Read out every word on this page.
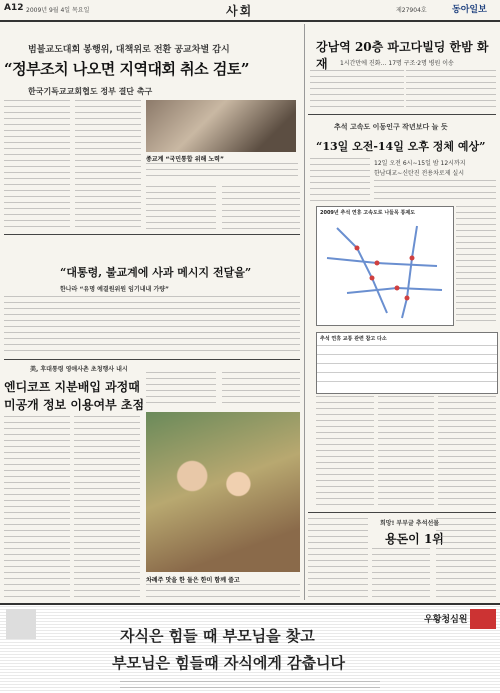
A12 2009년 9월 4일 목요일	사회	제27904호	동아일보
범불교도대회 봉행위, 대책위로 전환 공교차별 감시
“정부조치 나오면 지역대회 취소 검토”
한국기독교교회협도 정부 결단 촉구
종교계 “국민통합 위해 노력”
“대통령, 불교계에 사과 메시지 전달을”
한나라 “유명 예결원위원 임기내내 가량”
美, 후대통령 영애사촌 초청행사 내시
엔디코프 지분배입 과정때
미공개 정보 이용여부 초점
차례주 맛을 한 둘은 한미 함께 즐고
강남역 20층 파고다빌딩 한밤 화재	1시간만에 진화… 17명 구조·2명 병원 이송
추석 고속도 이동인구 작년보다 늘 듯
“13일 오전-14일 오후 정체 예상”
12일 오전 6시∼15일 밤 12시까지
한남대교∼신탄진 전용차로제 실시
2009년 추석 연휴 고속도로 나들목 통제도
추석 연휴 교통 관련 참고 다소
희망! 부부글 추석선물
용돈이 1위
우황청심원
자식은 힘들 때 부모님을 찾고
부모님은 힘들때 자식에게 감춥니다
